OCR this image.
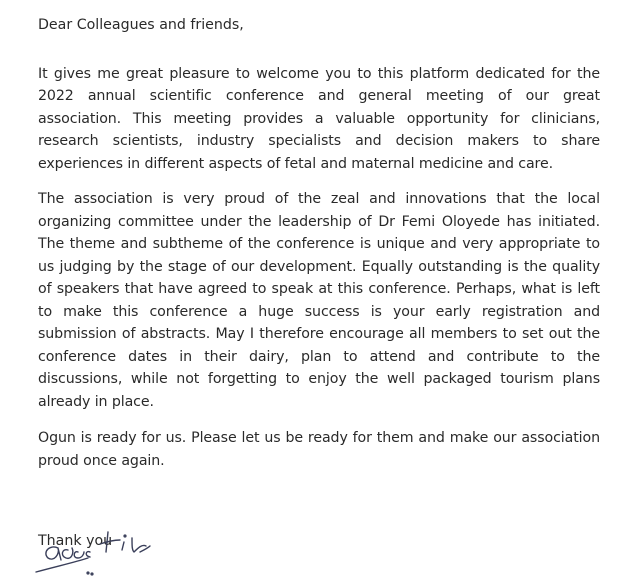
Dear Colleagues and friends,

It gives me great pleasure to welcome you to this platform dedicated for the 2022 annual scientific conference and general meeting of our great association. This meeting provides a valuable opportunity for clinicians, research scientists, industry specialists and decision makers to share experiences in different aspects of fetal and maternal medicine and care.

The association is very proud of the zeal and innovations that the local organizing committee under the leadership of Dr Femi Oloyede has initiated. The theme and subtheme of the conference is unique and very appropriate to us judging by the stage of our development. Equally outstanding is the quality of speakers that have agreed to speak at this conference. Perhaps, what is left to make this conference a huge success is your early registration and submission of abstracts. May I therefore encourage all members to set out the conference dates in their dairy, plan to attend and contribute to the discussions, while not forgetting to enjoy the well packaged tourism plans already in place.

Ogun is ready for us. Please let us be ready for them and make our association proud once again.

Thank you
